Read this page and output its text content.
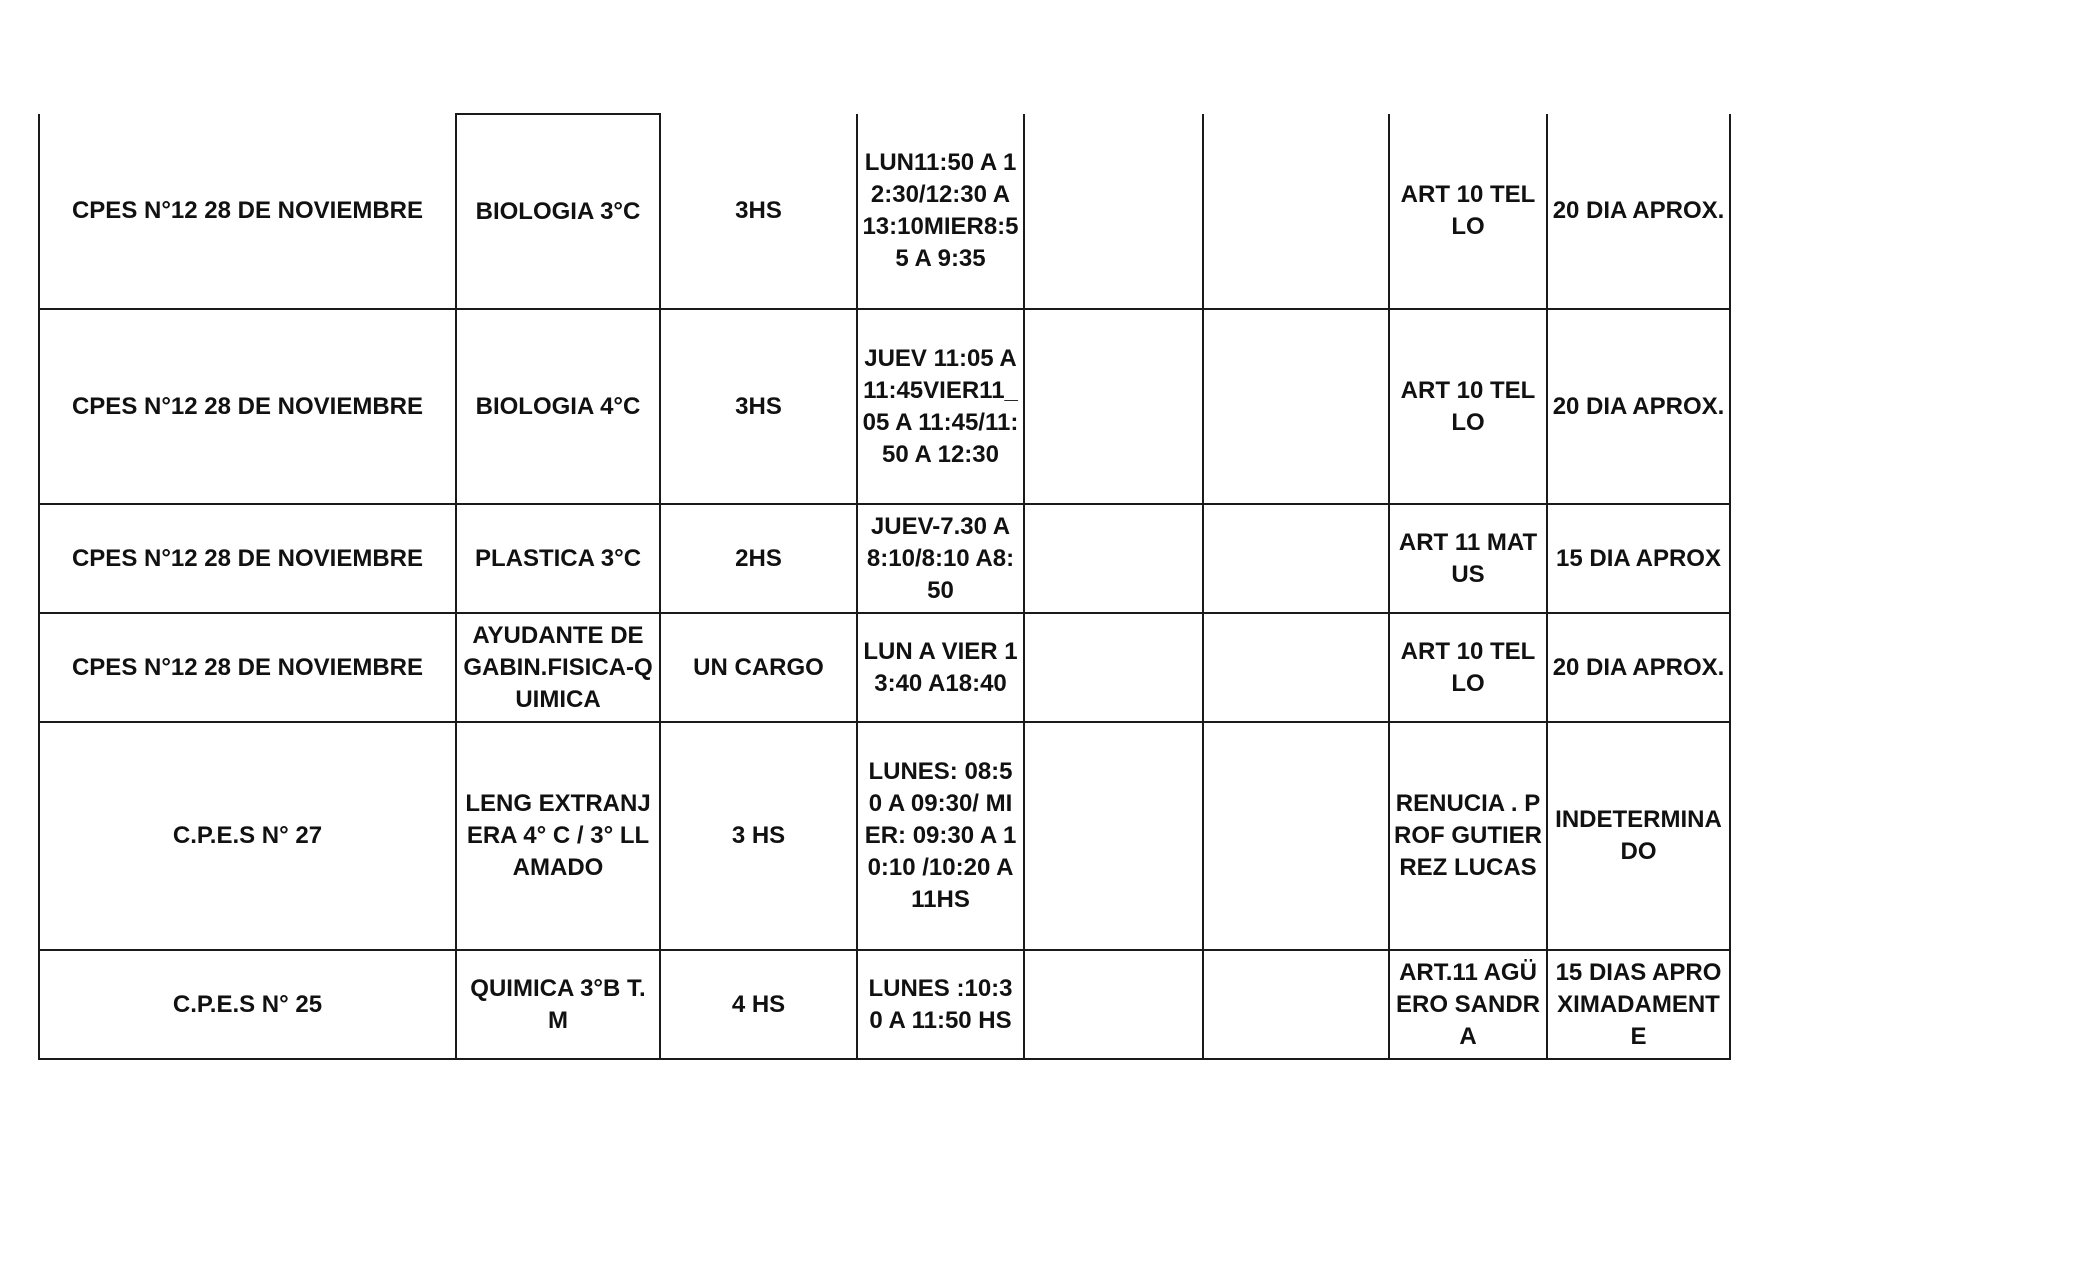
CPES N°12 28 DE NOVIEMBRE	BIOLOGIA 3°C	3HS	LUN11:50 A 12:30/12:30 A 13:10MIER8:55 A 9:35			ART 10 TELLO	20 DIA APROX.
CPES N°12 28 DE NOVIEMBRE	BIOLOGIA 4°C	3HS	JUEV 11:05 A 11:45VIER11_05 A 11:45/11:50 A 12:30			ART 10 TELLO	20 DIA APROX.
CPES N°12 28 DE NOVIEMBRE	PLASTICA 3°C	2HS	JUEV-7.30 A8:10/8:10 A8:50			ART 11 MATUS	15 DIA APROX
CPES N°12 28 DE NOVIEMBRE	AYUDANTE DE GABIN.FISICA-QUIMICA	UN CARGO	LUN A VIER 13:40 A18:40			ART 10 TELLO	20 DIA APROX.
C.P.E.S N° 27	LENG EXTRANJERA 4° C / 3° LLAMADO	3 HS	LUNES: 08:50 A 09:30/ MIER: 09:30 A 10:10 /10:20 A 11HS			RENUCIA . PROF GUTIERREZ LUCAS	INDETERMINADO
C.P.E.S N° 25	QUIMICA 3°B T.M	4 HS	LUNES :10:30 A 11:50 HS			ART.11 AGÜERO SANDRA	15 DIAS APROXIMADAMENTE
